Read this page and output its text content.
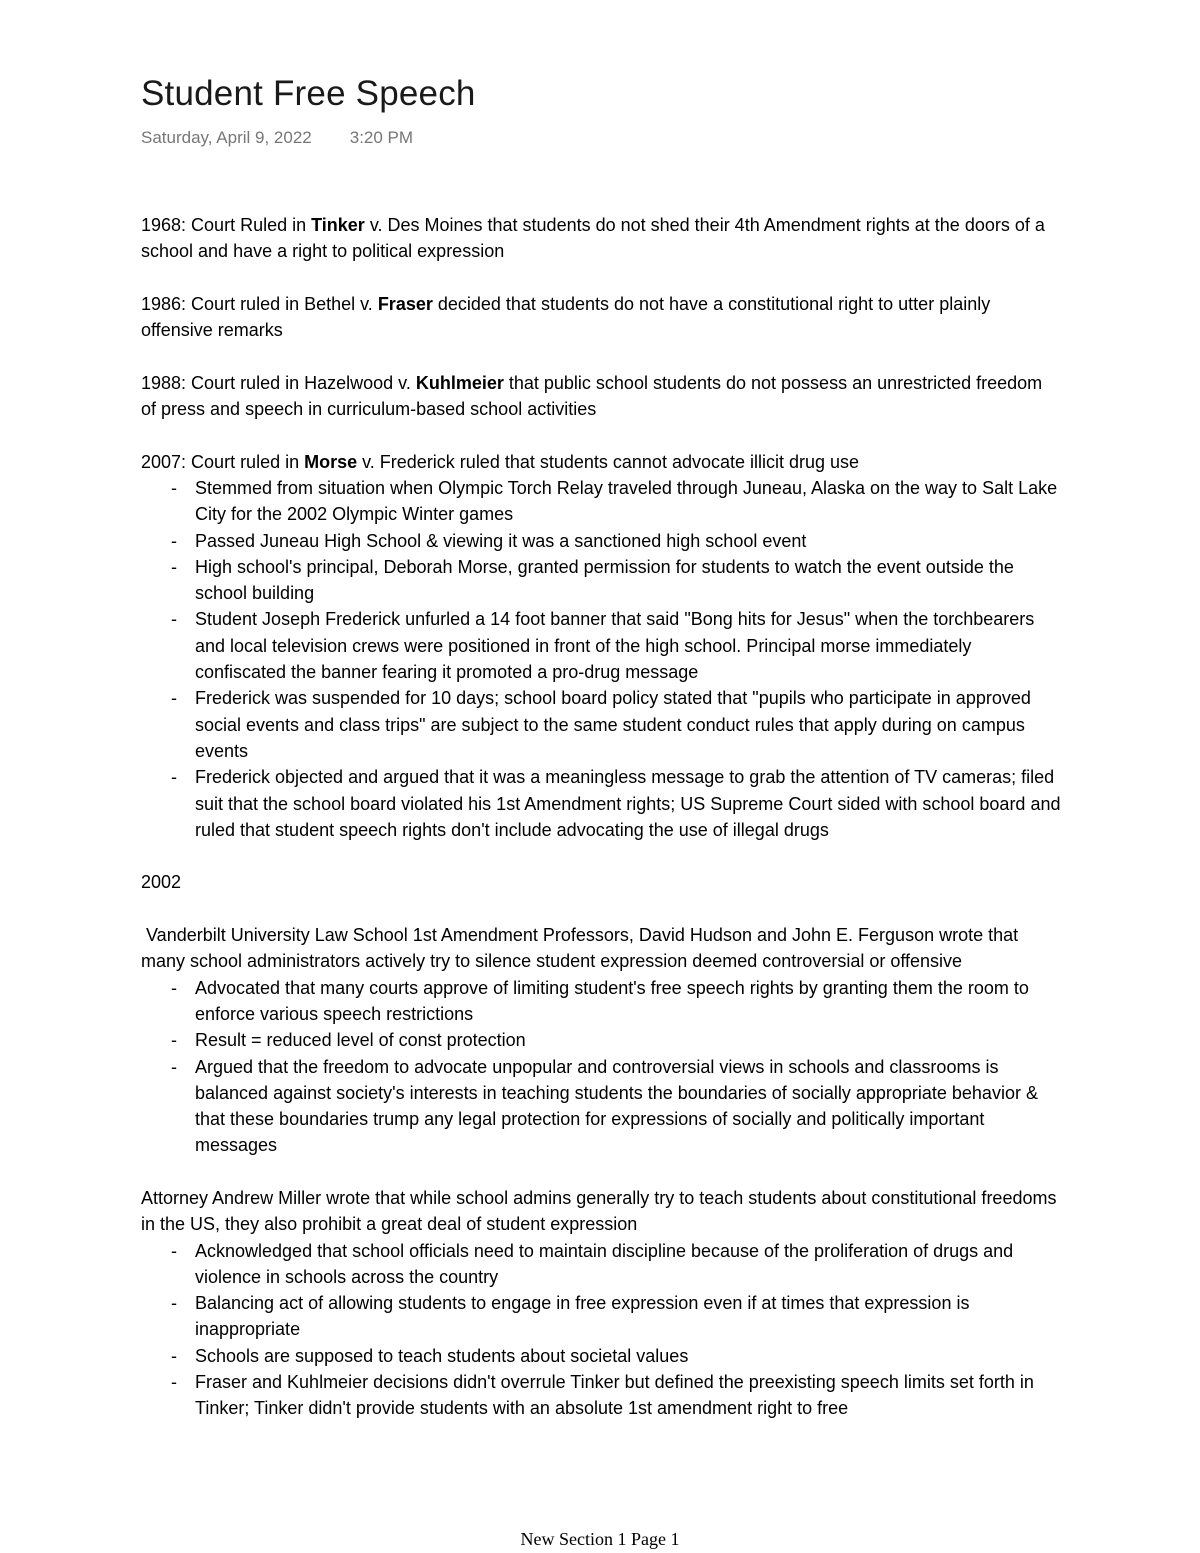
Student Free Speech
Saturday, April 9, 2022 3:20 PM

1968: Court Ruled in Tinker v. Des Moines that students do not shed their 4th Amendment rights at the doors of a school and have a right to political expression

1986: Court ruled in Bethel v. Fraser decided that students do not have a constitutional right to utter plainly offensive remarks

1988: Court ruled in Hazelwood v. Kuhlmeier that public school students do not possess an unrestricted freedom of press and speech in curriculum-based school activities

2007: Court ruled in Morse v. Frederick ruled that students cannot advocate illicit drug use

- Stemmed from situation when Olympic Torch Relay traveled through Juneau, Alaska on the way to Salt Lake City for the 2002 Olympic Winter games
- Passed Juneau High School & viewing it was a sanctioned high school event
- High school's principal, Deborah Morse, granted permission for students to watch the event outside the school building
- Student Joseph Frederick unfurled a 14 foot banner that said "Bong hits for Jesus" when the torchbearers and local television crews were positioned in front of the high school. Principal morse immediately confiscated the banner fearing it promoted a pro-drug message
- Frederick was suspended for 10 days; school board policy stated that "pupils who participate in approved social events and class trips" are subject to the same student conduct rules that apply during on campus events
- Frederick objected and argued that it was a meaningless message to grab the attention of TV cameras; filed suit that the school board violated his 1st Amendment rights; US Supreme Court sided with school board and ruled that student speech rights don't include advocating the use of illegal drugs

2002

Vanderbilt University Law School 1st Amendment Professors, David Hudson and John E. Ferguson wrote that many school administrators actively try to silence student expression deemed controversial or offensive

- Advocated that many courts approve of limiting student's free speech rights by granting them the room to enforce various speech restrictions
- Result = reduced level of const protection
- Argued that the freedom to advocate unpopular and controversial views in schools and classrooms is balanced against society's interests in teaching students the boundaries of socially appropriate behavior & that these boundaries trump any legal protection for expressions of socially and politically important messages

Attorney Andrew Miller wrote that while school admins generally try to teach students about constitutional freedoms in the US, they also prohibit a great deal of student expression

- Acknowledged that school officials need to maintain discipline because of the proliferation of drugs and violence in schools across the country
- Balancing act of allowing students to engage in free expression even if at times that expression is inappropriate
- Schools are supposed to teach students about societal values
- Fraser and Kuhlmeier decisions didn't overrule Tinker but defined the preexisting speech limits set forth in Tinker; Tinker didn't provide students with an absolute 1st amendment right to free
New Section 1 Page 1
